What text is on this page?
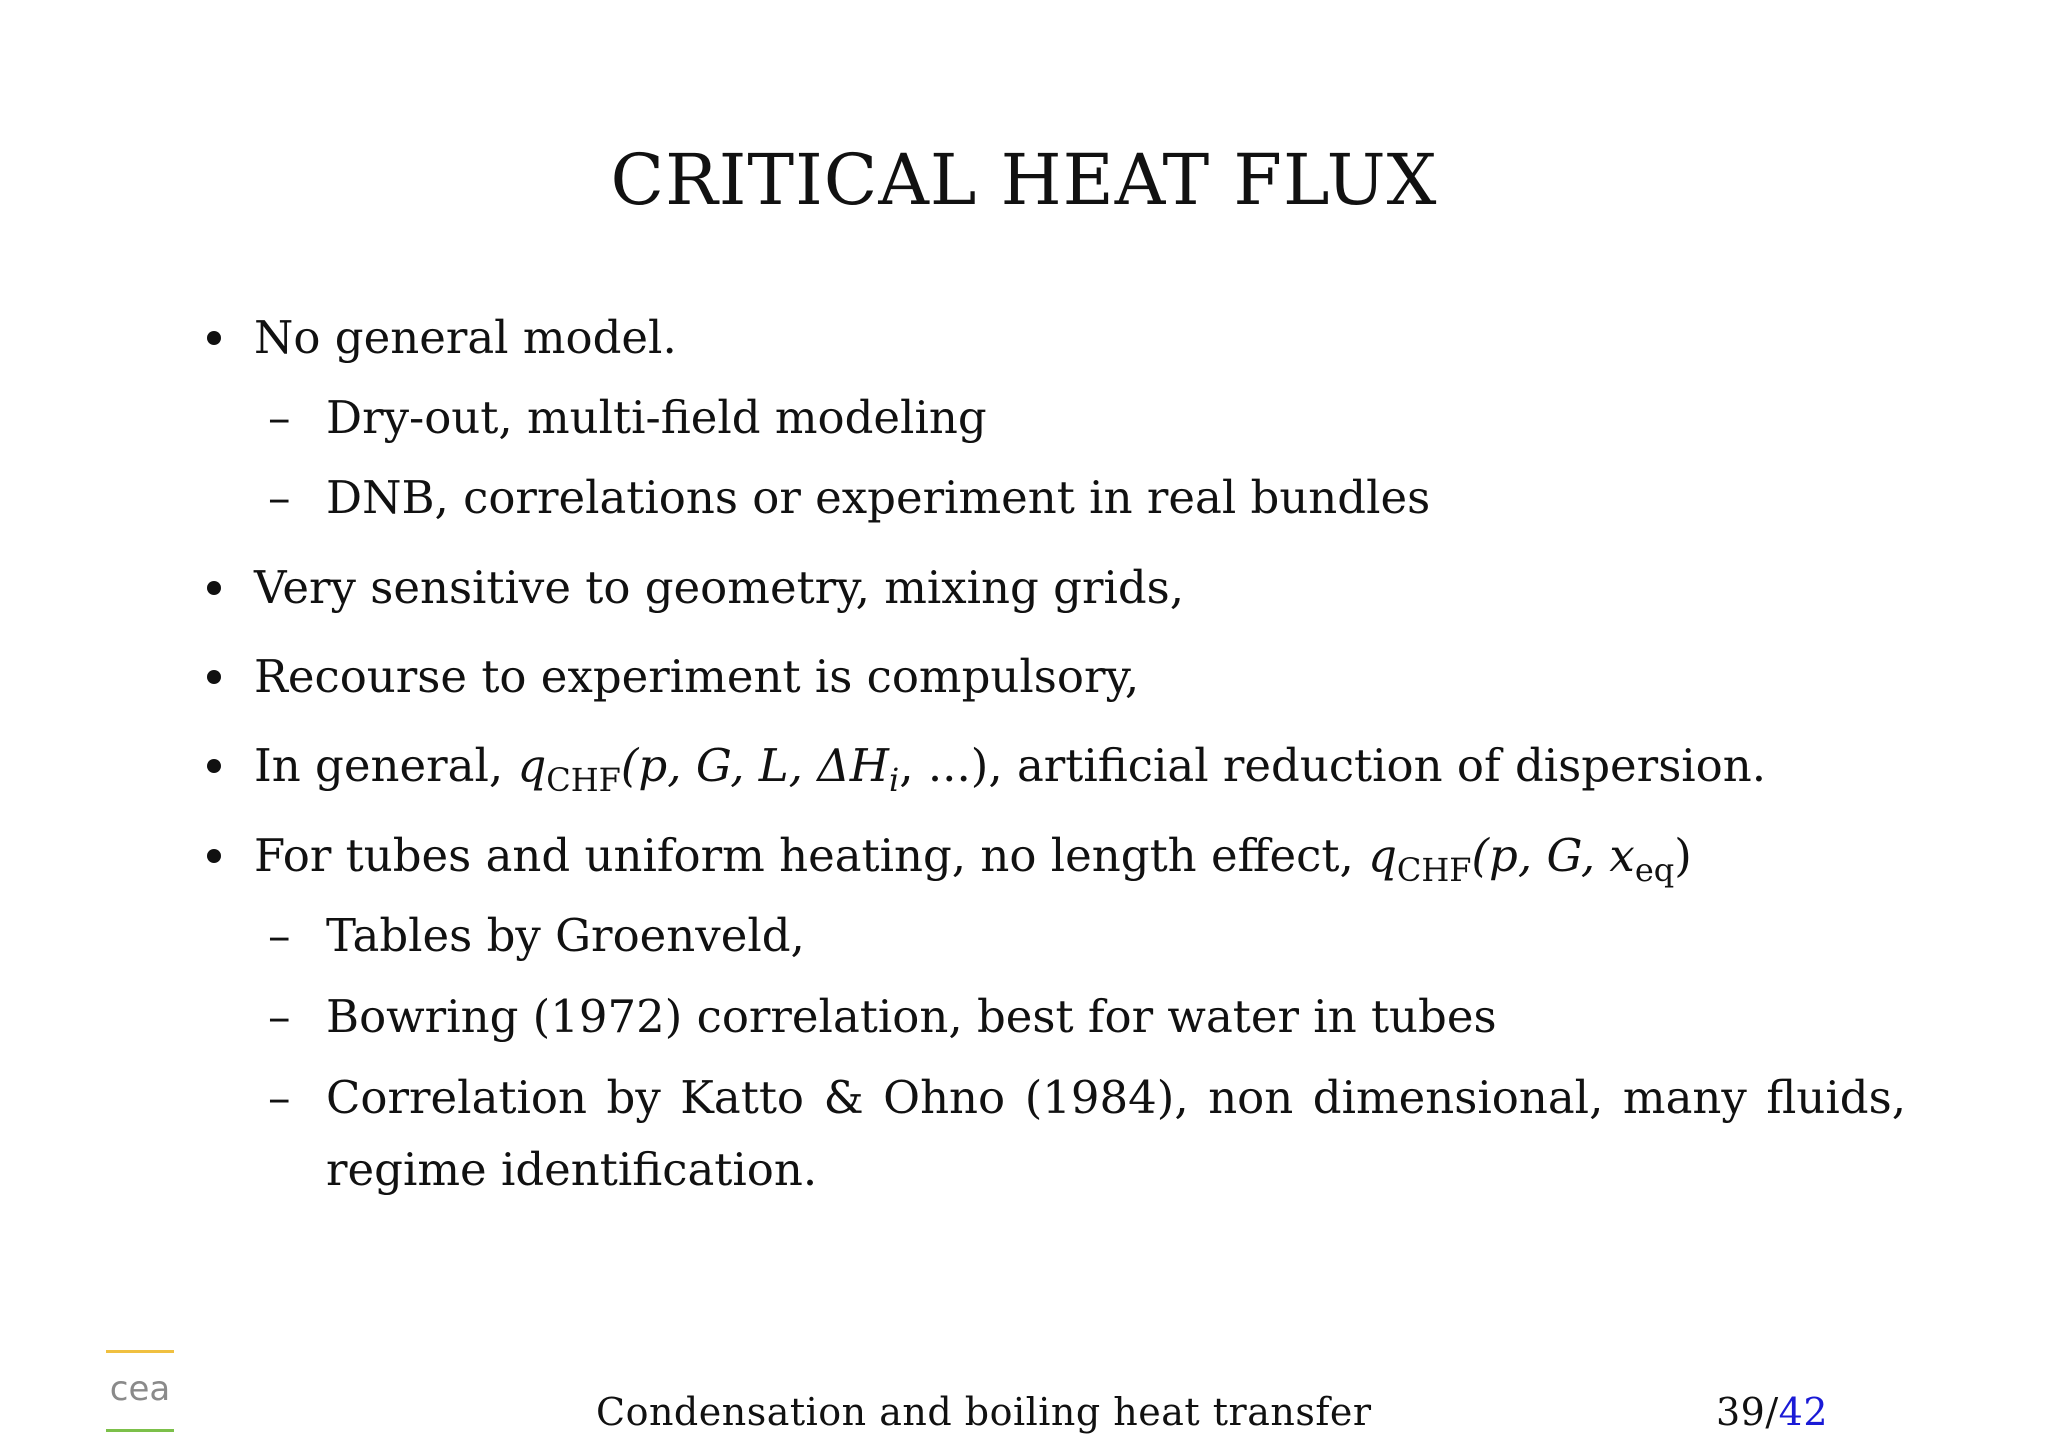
CRITICAL HEAT FLUX
No general model.
– Dry-out, multi-field modeling
– DNB, correlations or experiment in real bundles
Very sensitive to geometry, mixing grids,
Recourse to experiment is compulsory,
In general, $q_{CHF}(p$, G, L, $\Delta H_i$, ...), artificial reduction of dispersion.
For tubes and uniform heating, no length effect, $q_{CHF}(p$, G, $x_{eq}$)
– Tables by Groenveld,
– Bowring (1972) correlation, best for water in tubes
– Correlation by Katto & Ohno (1984), non dimensional, many fluids,
regime identification.
cea
Condensation and boiling heat transfer	39/42
